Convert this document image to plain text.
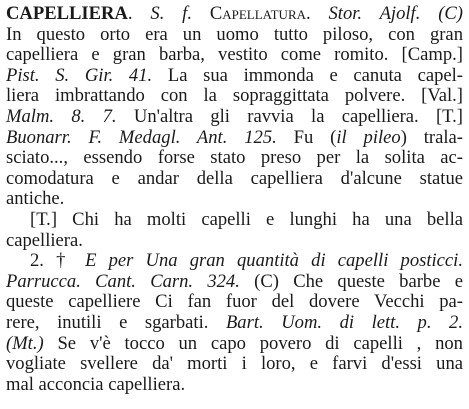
CAPELLIERA. S. f. Capellatura. Stor. Ajolf. (C)
In questo orto era un uomo tutto piloso, con gran
capelliera e gran barba, vestito come romito. [Camp.]
Pist. S. Gir. 41. La sua immonda e canuta capel-
liera imbrattando con la sopraggittata polvere. [Val.]
Malm. 8. 7. Un'altra gli ravvia la capelliera. [T.]
Buonarr. F. Medagl. Ant. 125. Fu (il pileo) trala-
sciato..., essendo forse stato preso per la solita ac-
comodatura e andar della capelliera d'alcune statue
antiche.
[T.] Chi ha molti capelli e lunghi ha una bella
capelliera.
2. † E per Una gran quantità di capelli posticci.
Parrucca. Cant. Carn. 324. (C) Che queste barbe e
queste capelliere Ci fan fuor del dovere Vecchi pa-
rere, inutili e sgarbati. Bart. Uom. di lett. p. 2.
(Mt.) Se v'è tocco un capo povero di capelli , non
vogliate svellere da' morti i loro, e farvi d'essi una
mal acconcia capelliera.
